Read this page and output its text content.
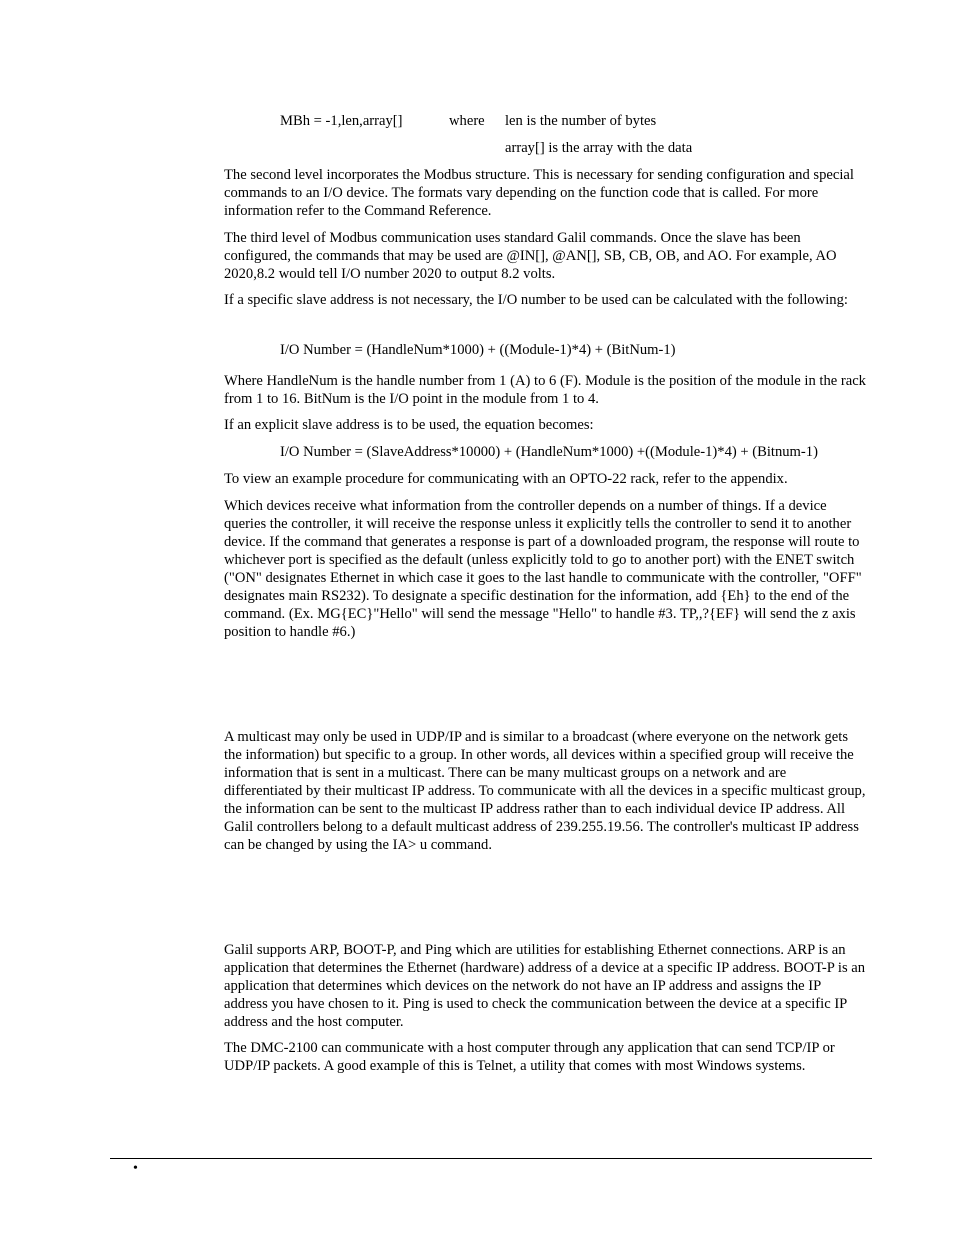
MBh = -1,len,array[]	where len is the number of bytes
array[] is the array with the data

The second level incorporates the Modbus structure. This is necessary for sending configuration and special commands to an I/O device. The formats vary depending on the function code that is called. For more information refer to the Command Reference.

The third level of Modbus communication uses standard Galil commands. Once the slave has been configured, the commands that may be used are @IN[], @AN[], SB, CB, OB, and AO. For example, AO 2020,8.2 would tell I/O number 2020 to output 8.2 volts.

If a specific slave address is not necessary, the I/O number to be used can be calculated with the following:

I/O Number = (HandleNum*1000) + ((Module-1)*4) + (BitNum-1)

Where HandleNum is the handle number from 1 (A) to 6 (F). Module is the position of the module in the rack from 1 to 16. BitNum is the I/O point in the module from 1 to 4.

If an explicit slave address is to be used, the equation becomes:

I/O Number = (SlaveAddress*10000) + (HandleNum*1000) +((Module-1)*4) + (Bitnum-1)

To view an example procedure for communicating with an OPTO-22 rack, refer to the appendix.

Which devices receive what information from the controller depends on a number of things. If a device queries the controller, it will receive the response unless it explicitly tells the controller to send it to another device. If the command that generates a response is part of a downloaded program, the response will route to whichever port is specified as the default (unless explicitly told to go to another port) with the ENET switch ("ON" designates Ethernet in which case it goes to the last handle to communicate with the controller, "OFF" designates main RS232). To designate a specific destination for the information, add {Eh} to the end of the command. (Ex. MG{EC}"Hello" will send the message "Hello" to handle #3. TP,,?{EF} will send the z axis position to handle #6.)

A multicast may only be used in UDP/IP and is similar to a broadcast (where everyone on the network gets the information) but specific to a group. In other words, all devices within a specified group will receive the information that is sent in a multicast. There can be many multicast groups on a network and are differentiated by their multicast IP address. To communicate with all the devices in a specific multicast group, the information can be sent to the multicast IP address rather than to each individual device IP address. All Galil controllers belong to a default multicast address of 239.255.19.56. The controller's multicast IP address can be changed by using the IA> u command.

Galil supports ARP, BOOT-P, and Ping which are utilities for establishing Ethernet connections. ARP is an application that determines the Ethernet (hardware) address of a device at a specific IP address. BOOT-P is an application that determines which devices on the network do not have an IP address and assigns the IP address you have chosen to it. Ping is used to check the communication between the device at a specific IP address and the host computer.

The DMC-2100 can communicate with a host computer through any application that can send TCP/IP or UDP/IP packets. A good example of this is Telnet, a utility that comes with most Windows systems.

•
